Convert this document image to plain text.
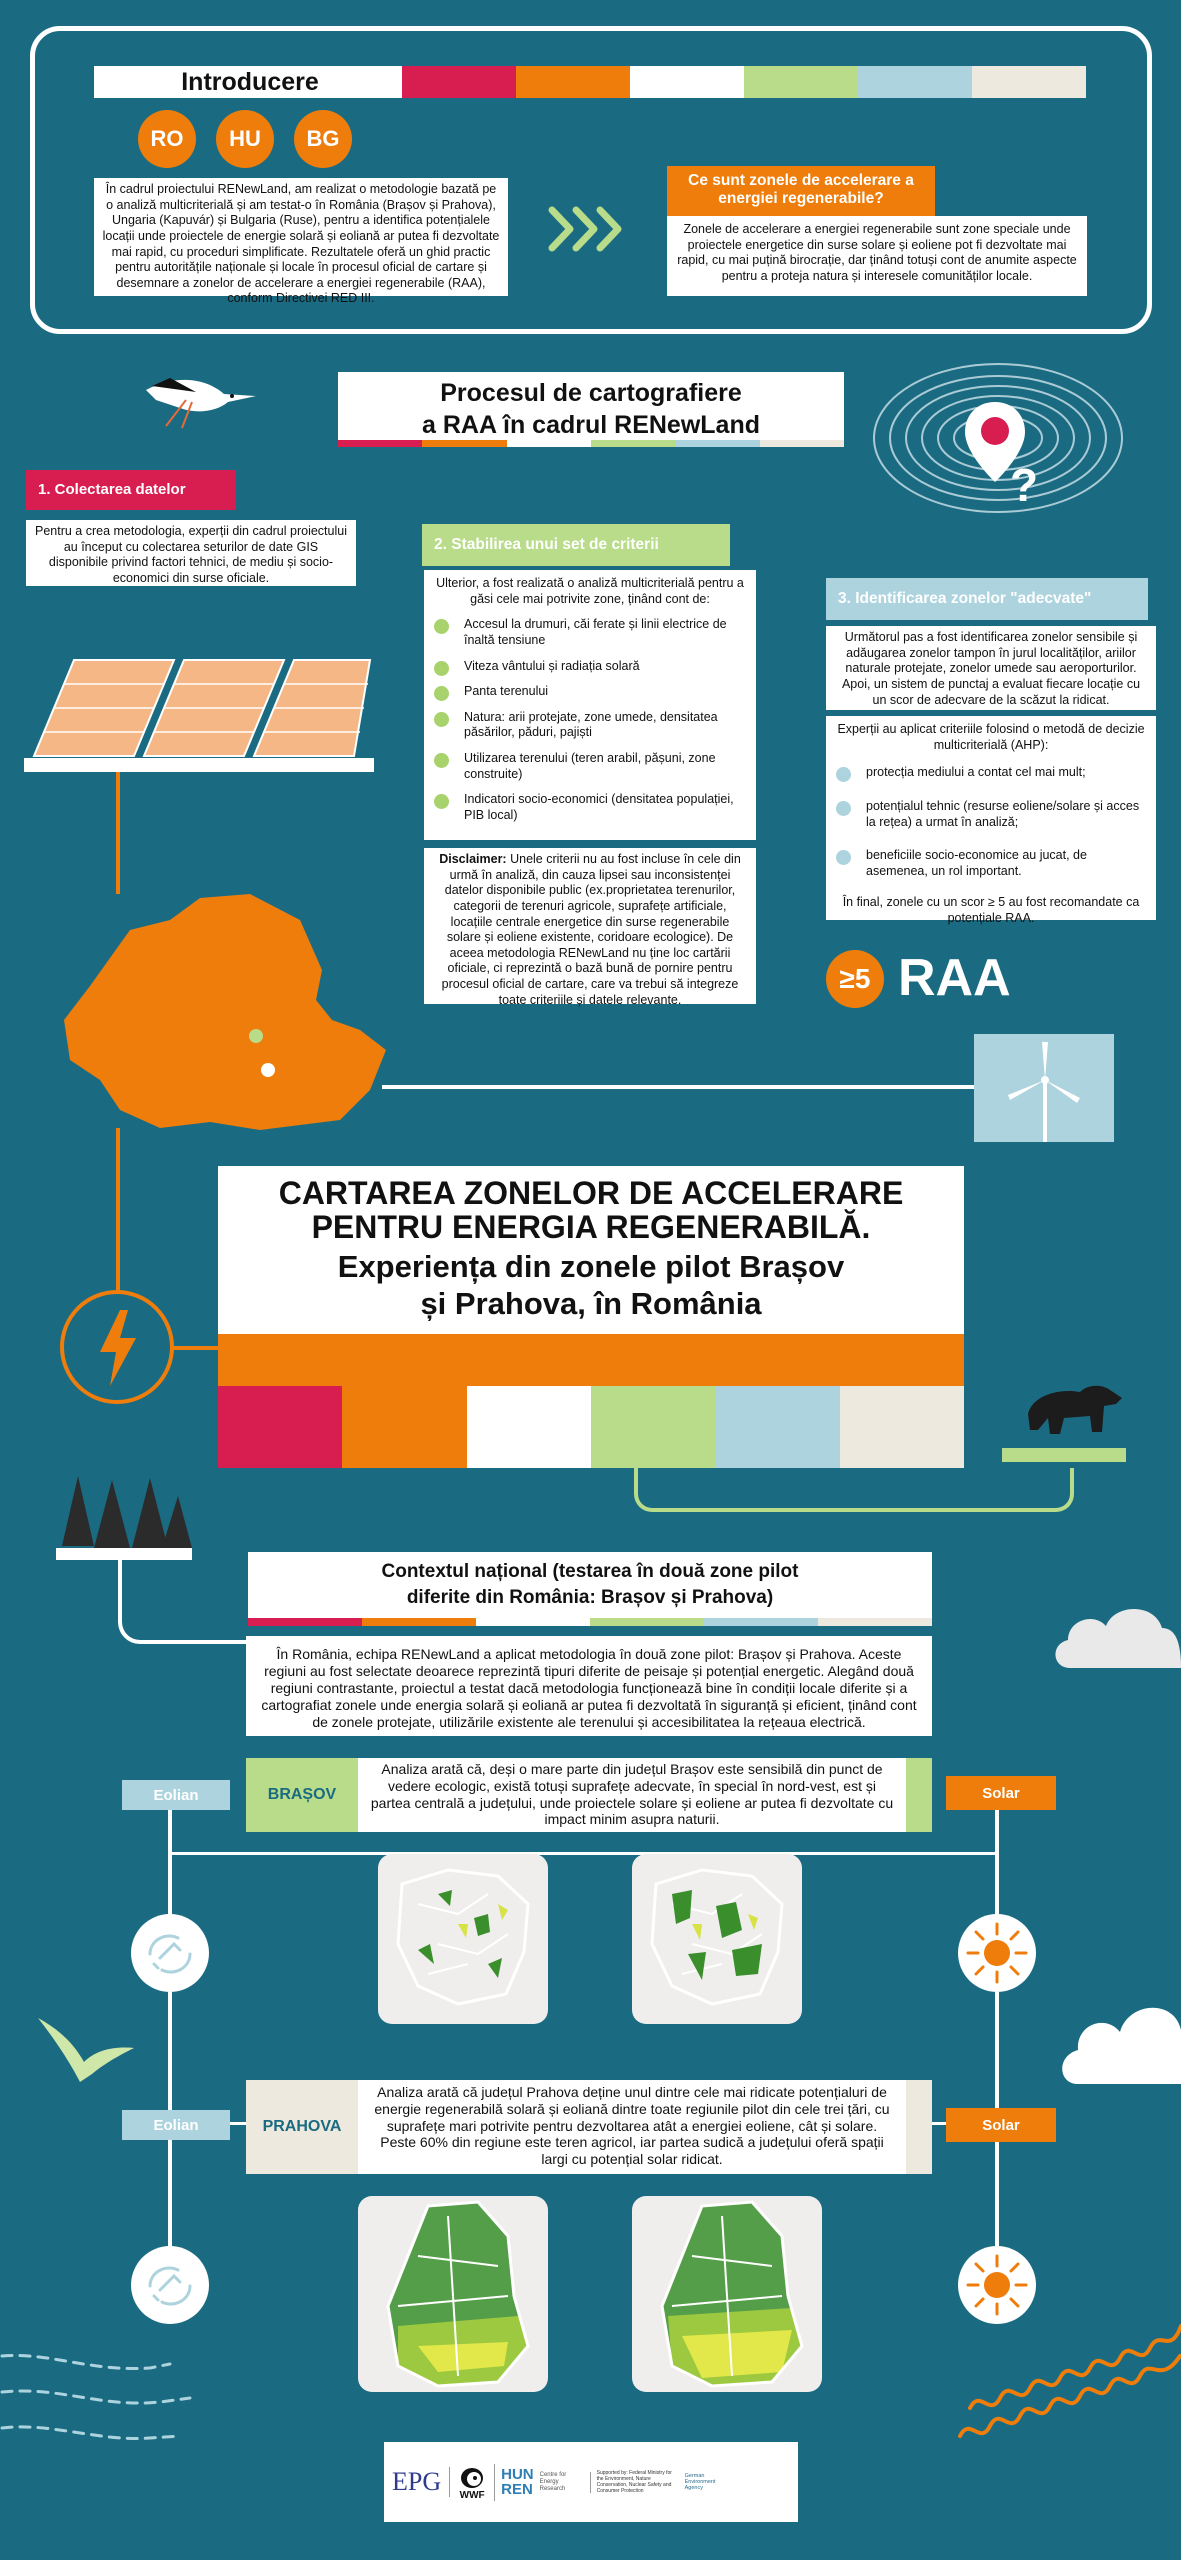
Introducere
RO	HU	BG
În cadrul proiectului RENewLand, am realizat o metodologie bazată pe o analiză multicriterială și am testat-o în România (Brașov și Prahova), Ungaria (Kapuvár) și Bulgaria (Ruse), pentru a identifica potențialele locații unde proiectele de energie solară și eoliană ar putea fi dezvoltate mai rapid, cu proceduri simplificate. Rezultatele oferă un ghid practic pentru autoritățile naționale și locale în procesul oficial de cartare și desemnare a zonelor de accelerare a energiei regenerabile (RAA), conform Directivei RED III.
Ce sunt zonele de accelerare a energiei regenerabile?
Zonele de accelerare a energiei regenerabile sunt zone speciale unde proiectele energetice din surse solare și eoliene pot fi dezvoltate mai rapid, cu mai puțină birocrație, dar ținând totuși cont de anumite aspecte pentru a proteja natura și interesele comunităților locale.
Procesul de cartografiere
a RAA în cadrul RENewLand
?
1. Colectarea datelor
Pentru a crea metodologia, experții din cadrul proiectului au început cu colectarea seturilor de date GIS disponibile privind factori tehnici, de mediu și socio-economici din surse oficiale.
2. Stabilirea unui set de criterii
Ulterior, a fost realizată o analiză multicriterială pentru a găsi cele mai potrivite zone, ținând cont de:
Accesul la drumuri, căi ferate și linii electrice de înaltă tensiune
Viteza vântului și radiația solară
Panta terenului
Natura: arii protejate, zone umede, densitatea păsărilor, păduri, pajiști
Utilizarea terenului (teren arabil, pășuni, zone construite)
Indicatori socio-economici (densitatea populației, PIB local)
Disclaimer: Unele criterii nu au fost incluse în cele din urmă în analiză, din cauza lipsei sau inconsistenței datelor disponibile public (ex.proprietatea terenurilor, categorii de terenuri agricole, suprafețe artificiale, locațiile centrale energetice din surse regenerabile solare și eoliene existente, coridoare ecologice). De aceea metodologia RENewLand nu ține loc cartării oficiale, ci reprezintă o bază bună de pornire pentru procesul oficial de cartare, care va trebui să integreze toate criteriile și datele relevante.
3. Identificarea zonelor "adecvate"
Următorul pas a fost identificarea zonelor sensibile și adăugarea zonelor tampon în jurul localităților, ariilor naturale protejate, zonelor umede sau aeroporturilor. Apoi, un sistem de punctaj a evaluat fiecare locație cu un scor de adecvare de la scăzut la ridicat.
Experții au aplicat criteriile folosind o metodă de decizie multicriterială (AHP):
protecția mediului a contat cel mai mult;
potențialul tehnic (resurse eoliene/solare și acces la rețea) a urmat în analiză;
beneficiile socio-economice au jucat, de asemenea, un rol important.
În final, zonele cu un scor ≥ 5 au fost recomandate ca potențiale RAA.
≥5 RAA
CARTAREA ZONELOR DE ACCELERARE
PENTRU ENERGIA REGENERABILĂ.
Experiența din zonele pilot Brașov
și Prahova, în România
Contextul național (testarea în două zone pilot
diferite din România: Brașov și Prahova)
În România, echipa RENewLand a aplicat metodologia în două zone pilot: Brașov și Prahova. Aceste regiuni au fost selectate deoarece reprezintă tipuri diferite de peisaje și potențial energetic. Alegând două regiuni contrastante, proiectul a testat dacă metodologia funcționează bine în condiții locale diferite și a cartografiat zonele unde energia solară și eoliană ar putea fi dezvoltată în siguranță și eficient, ținând cont de zonele protejate, utilizările existente ale terenului și accesibilitatea la rețeaua electrică.
Eolian	Solar
BRAȘOV
Analiza arată că, deși o mare parte din județul Brașov este sensibilă din punct de vedere ecologic, există totuși suprafețe adecvate, în special în nord-vest, est și partea centrală a județului, unde proiectele solare și eoliene ar putea fi dezvoltate cu impact minim asupra naturii.
Eolian	Solar
PRAHOVA
Analiza arată că județul Prahova deține unul dintre cele mai ridicate potențialuri de energie regenerabilă solară și eoliană dintre toate regiunile pilot din cele trei țări, cu suprafețe mari potrivite pentru dezvoltarea atât a energiei eoliene, cât și solare. Peste 60% din regiune este teren agricol, iar partea sudică a județului oferă spații largi cu potențial solar ridicat.
EPG	WWF
HUN
REN
Centre for Energy Research
Supported by: Federal Ministry for the Environment, Nature Conservation, Nuclear Safety and Consumer Protection
German Environment Agency
